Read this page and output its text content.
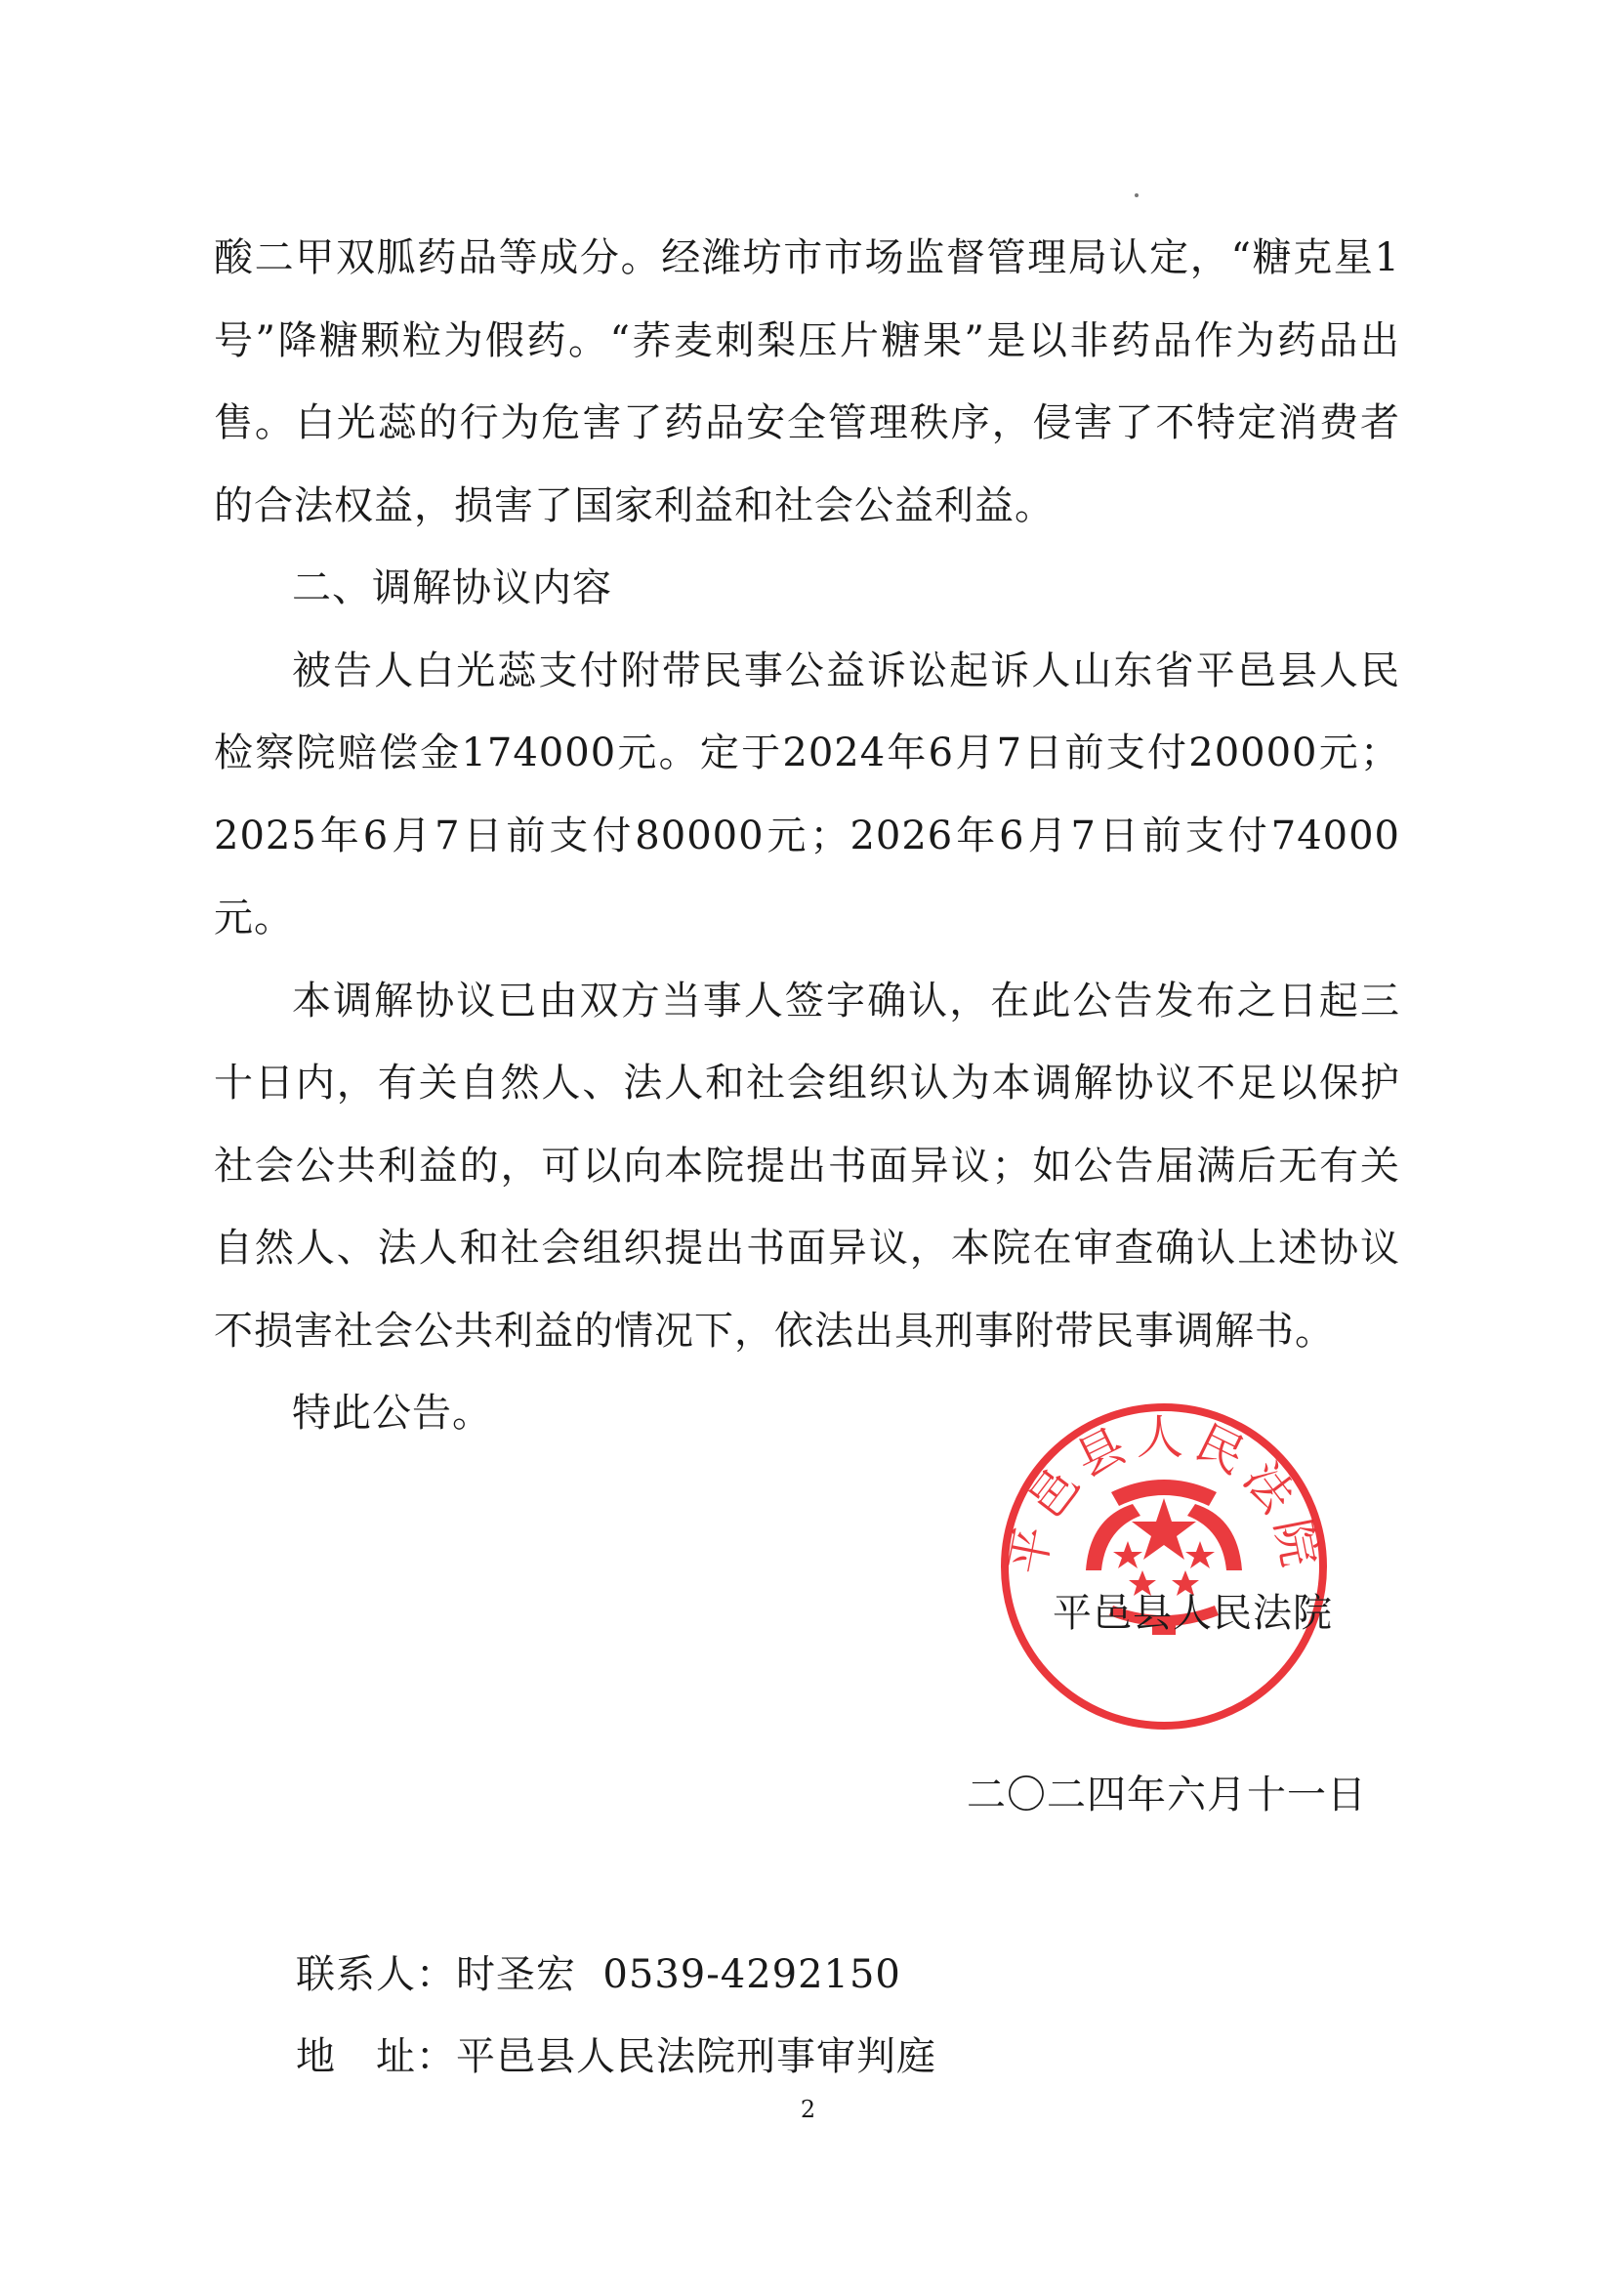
酸二甲双胍药品等成分。经潍坊市市场监督管理局认定，“糖克星1号”降糖颗粒为假药。“荞麦刺梨压片糖果”是以非药品作为药品出售。白光蕊的行为危害了药品安全管理秩序，侵害了不特定消费者的合法权益，损害了国家利益和社会公益利益。

二、调解协议内容

被告人白光蕊支付附带民事公益诉讼起诉人山东省平邑县人民检察院赔偿金174000元。定于2024年6月7日前支付20000元；2025年6月7日前支付80000元；2026年6月7日前支付74000元。

本调解协议已由双方当事人签字确认，在此公告发布之日起三十日内，有关自然人、法人和社会组织认为本调解协议不足以保护社会公共利益的，可以向本院提出书面异议；如公告届满后无有关自然人、法人和社会组织提出书面异议，本院在审查确认上述协议不损害社会公共利益的情况下，依法出具刑事附带民事调解书。

特此公告。

平邑县人民法院
平邑县人民法院
二〇二四年六月十一日
联系人：时圣宏  0539-4292150
地　址：平邑县人民法院刑事审判庭
2
